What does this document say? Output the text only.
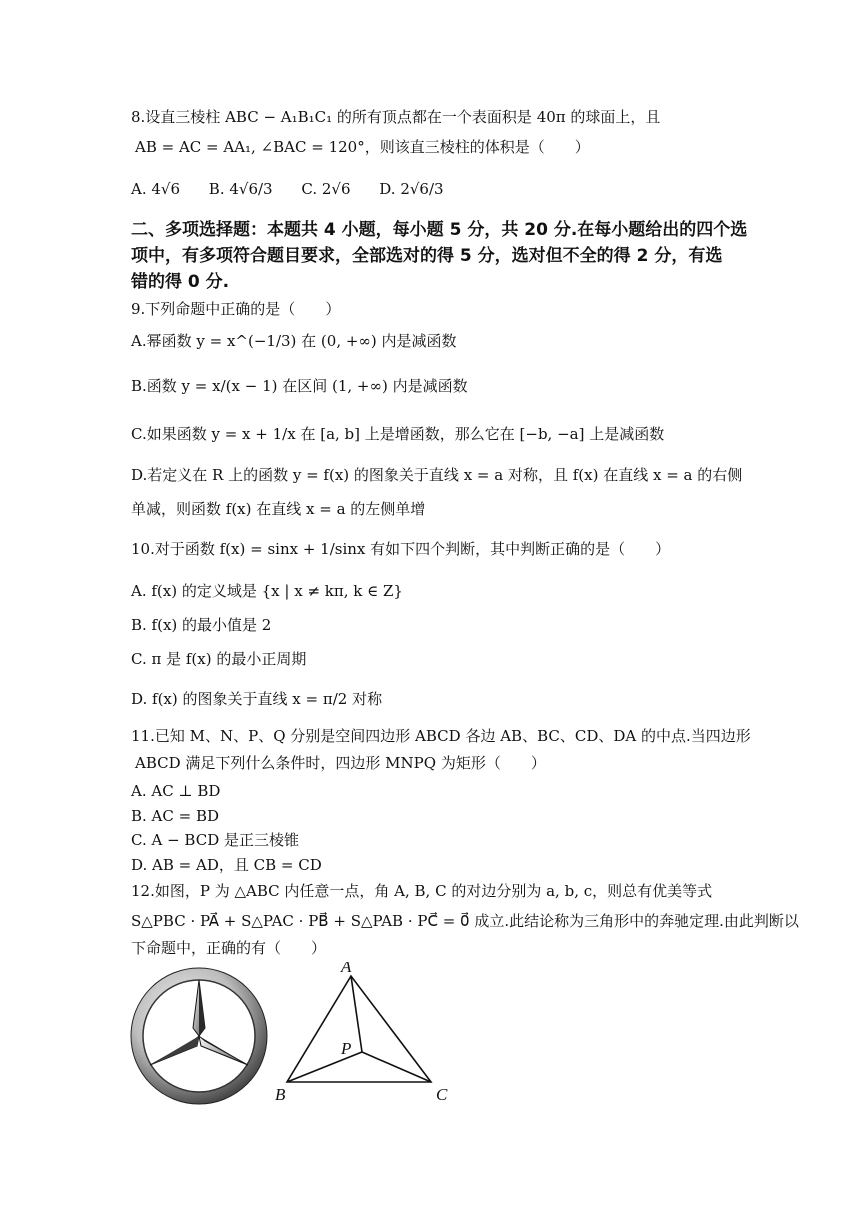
8.设直三棱柱 ABC − A₁B₁C₁ 的所有顶点都在一个表面积是 40π 的球面上，且
AB = AC = AA₁, ∠BAC = 120°，则该直三棱柱的体积是（　　）
A. 4√6 B. 4√6/3 C. 2√6 D. 2√6/3
二、多项选择题：本题共 4 小题，每小题 5 分，共 20 分.在每小题给出的四个选
项中，有多项符合题目要求，全部选对的得 5 分，选对但不全的得 2 分，有选
错的得 0 分.
9.下列命题中正确的是（　　）
A.幂函数 y = x^(−1/3) 在 (0, +∞) 内是减函数
B.函数 y = x/(x − 1) 在区间 (1, +∞) 内是减函数
C.如果函数 y = x + 1/x 在 [a, b] 上是增函数，那么它在 [−b, −a] 上是减函数
D.若定义在 R 上的函数 y = f(x) 的图象关于直线 x = a 对称，且 f(x) 在直线 x = a 的右侧
单减，则函数 f(x) 在直线 x = a 的左侧单增
10.对于函数 f(x) = sinx + 1/sinx 有如下四个判断，其中判断正确的是（　　）
A. f(x) 的定义域是 {x | x ≠ kπ, k ∈ Z}
B. f(x) 的最小值是 2
C. π 是 f(x) 的最小正周期
D. f(x) 的图象关于直线 x = π/2 对称
11.已知 M、N、P、Q 分别是空间四边形 ABCD 各边 AB、BC、CD、DA 的中点.当四边形
ABCD 满足下列什么条件时，四边形 MNPQ 为矩形（　　）
A. AC ⊥ BD
B. AC = BD
C. A − BCD 是正三棱锥
D. AB = AD，且 CB = CD
12.如图，P 为 △ABC 内任意一点，角 A, B, C 的对边分别为 a, b, c，则总有优美等式
S△PBC · PA⃗ + S△PAC · PB⃗ + S△PAB · PC⃗ = 0⃗ 成立.此结论称为三角形中的奔驰定理.由此判断以
下命题中，正确的有（　　）
A
B	C
P
